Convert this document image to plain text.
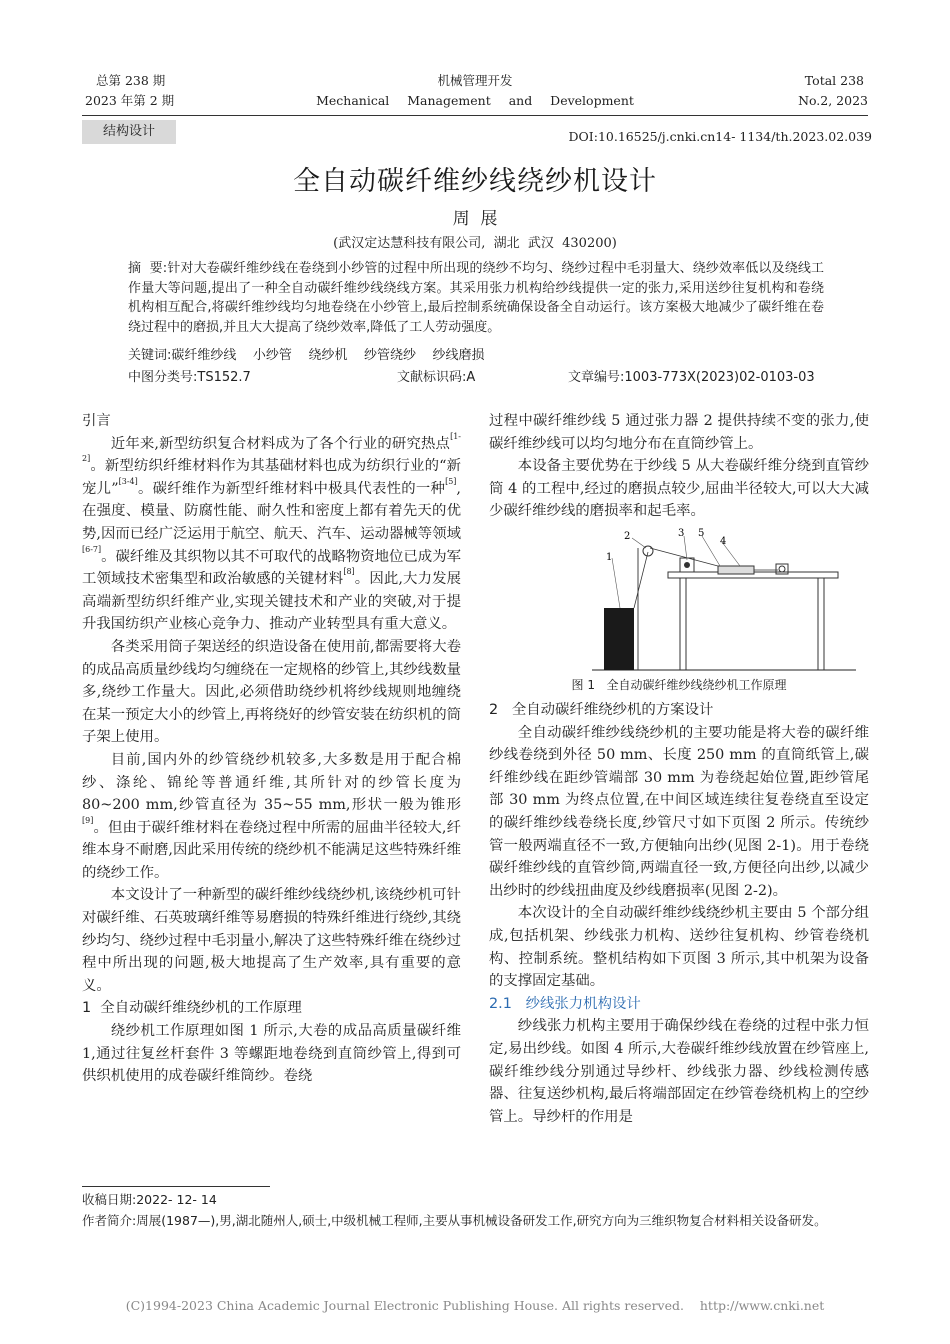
总第 238 期
2023 年第 2 期
机械管理开发
Mechanical Management and Development
Total 238
No.2, 2023
结构设计	DOI:10.16525/j.cnki.cn14- 1134/th.2023.02.039
全自动碳纤维纱线绕纱机设计
周  展
(武汉定达慧科技有限公司,  湖北  武汉  430200)
摘  要:针对大卷碳纤维纱线在卷绕到小纱管的过程中所出现的绕纱不均匀、绕纱过程中毛羽量大、绕纱效率低以及绕线工作量大等问题,提出了一种全自动碳纤维纱线绕线方案。其采用张力机构给纱线提供一定的张力,采用送纱往复机构和卷绕机构相互配合,将碳纤维纱线均匀地卷绕在小纱管上,最后控制系统确保设备全自动运行。该方案极大地减少了碳纤维在卷绕过程中的磨损,并且大大提高了绕纱效率,降低了工人劳动强度。
关键词:碳纤维纱线    小纱管    绕纱机    纱管绕纱    纱线磨损
中图分类号:TS152.7	文献标识码:A	文章编号:1003-773X(2023)02-0103-03

引言

近年来,新型纺织复合材料成为了各个行业的研究热点[1-2]。新型纺织纤维材料作为其基础材料也成为纺织行业的“新宠儿”[3-4]。碳纤维作为新型纤维材料中极具代表性的一种[5],在强度、模量、防腐性能、耐久性和密度上都有着先天的优势,因而已经广泛运用于航空、航天、汽车、运动器械等领域[6-7]。碳纤维及其织物以其不可取代的战略物资地位已成为军工领域技术密集型和政治敏感的关键材料[8]。因此,大力发展高端新型纺织纤维产业,实现关键技术和产业的突破,对于提升我国纺织产业核心竞争力、推动产业转型具有重大意义。

各类采用筒子架送经的织造设备在使用前,都需要将大卷的成品高质量纱线均匀缠绕在一定规格的纱管上,其纱线数量多,绕纱工作量大。因此,必须借助绕纱机将纱线规则地缠绕在某一预定大小的纱管上,再将绕好的纱管安装在纺织机的筒子架上使用。

目前,国内外的纱管绕纱机较多,大多数是用于配合棉纱、涤纶、锦纶等普通纤维,其所针对的纱管长度为 80~200 mm,纱管直径为 35~55 mm,形状一般为锥形[9]。但由于碳纤维材料在卷绕过程中所需的屈曲半径较大,纤维本身不耐磨,因此采用传统的绕纱机不能满足这些特殊纤维的绕纱工作。

本文设计了一种新型的碳纤维纱线绕纱机,该绕纱机可针对碳纤维、石英玻璃纤维等易磨损的特殊纤维进行绕纱,其绕纱均匀、绕纱过程中毛羽量小,解决了这些特殊纤维在绕纱过程中所出现的问题,极大地提高了生产效率,具有重要的意义。

1  全自动碳纤维绕纱机的工作原理

绕纱机工作原理如图 1 所示,大卷的成品高质量碳纤维 1,通过往复丝杆套件 3 等螺距地卷绕到直筒纱管上,得到可供织机使用的成卷碳纤维筒纱。卷绕

过程中碳纤维纱线 5 通过张力器 2 提供持续不变的张力,使碳纤维纱线可以均匀地分布在直筒纱管上。

本设备主要优势在于纱线 5 从大卷碳纤维分绕到直管纱筒 4 的工程中,经过的磨损点较少,屈曲半径较大,可以大大减少碳纤维纱线的磨损率和起毛率。

1
2	3 5
4
图 1   全自动碳纤维纱线绕纱机工作原理

2   全自动碳纤维绕纱机的方案设计

全自动碳纤维纱线绕纱机的主要功能是将大卷的碳纤维纱线卷绕到外径 50 mm、长度 250 mm 的直筒纸管上,碳纤维纱线在距纱管端部 30 mm 为卷绕起始位置,距纱管尾部 30 mm 为终点位置,在中间区域连续往复卷绕直至设定的碳纤维纱线卷绕长度,纱管尺寸如下页图 2 所示。传统纱管一般两端直径不一致,方便轴向出纱(见图 2-1)。用于卷绕碳纤维纱线的直管纱筒,两端直径一致,方便径向出纱,以减少出纱时的纱线扭曲度及纱线磨损率(见图 2-2)。

本次设计的全自动碳纤维纱线绕纱机主要由 5 个部分组成,包括机架、纱线张力机构、送纱往复机构、纱管卷绕机构、控制系统。整机结构如下页图 3 所示,其中机架为设备的支撑固定基础。

2.1   纱线张力机构设计

纱线张力机构主要用于确保纱线在卷绕的过程中张力恒定,易出纱线。如图 4 所示,大卷碳纤维纱线放置在纱管座上,碳纤维纱线分别通过导纱杆、纱线张力器、纱线检测传感器、往复送纱机构,最后将端部固定在纱管卷绕机构上的空纱管上。导纱杆的作用是

收稿日期:2022- 12- 14
作者简介:周展(1987—),男,湖北随州人,硕士,中级机械工程师,主要从事机械设备研发工作,研究方向为三维织物复合材料相关设备研发。
(C)1994-2023 China Academic Journal Electronic Publishing House. All rights reserved.    http://www.cnki.net
